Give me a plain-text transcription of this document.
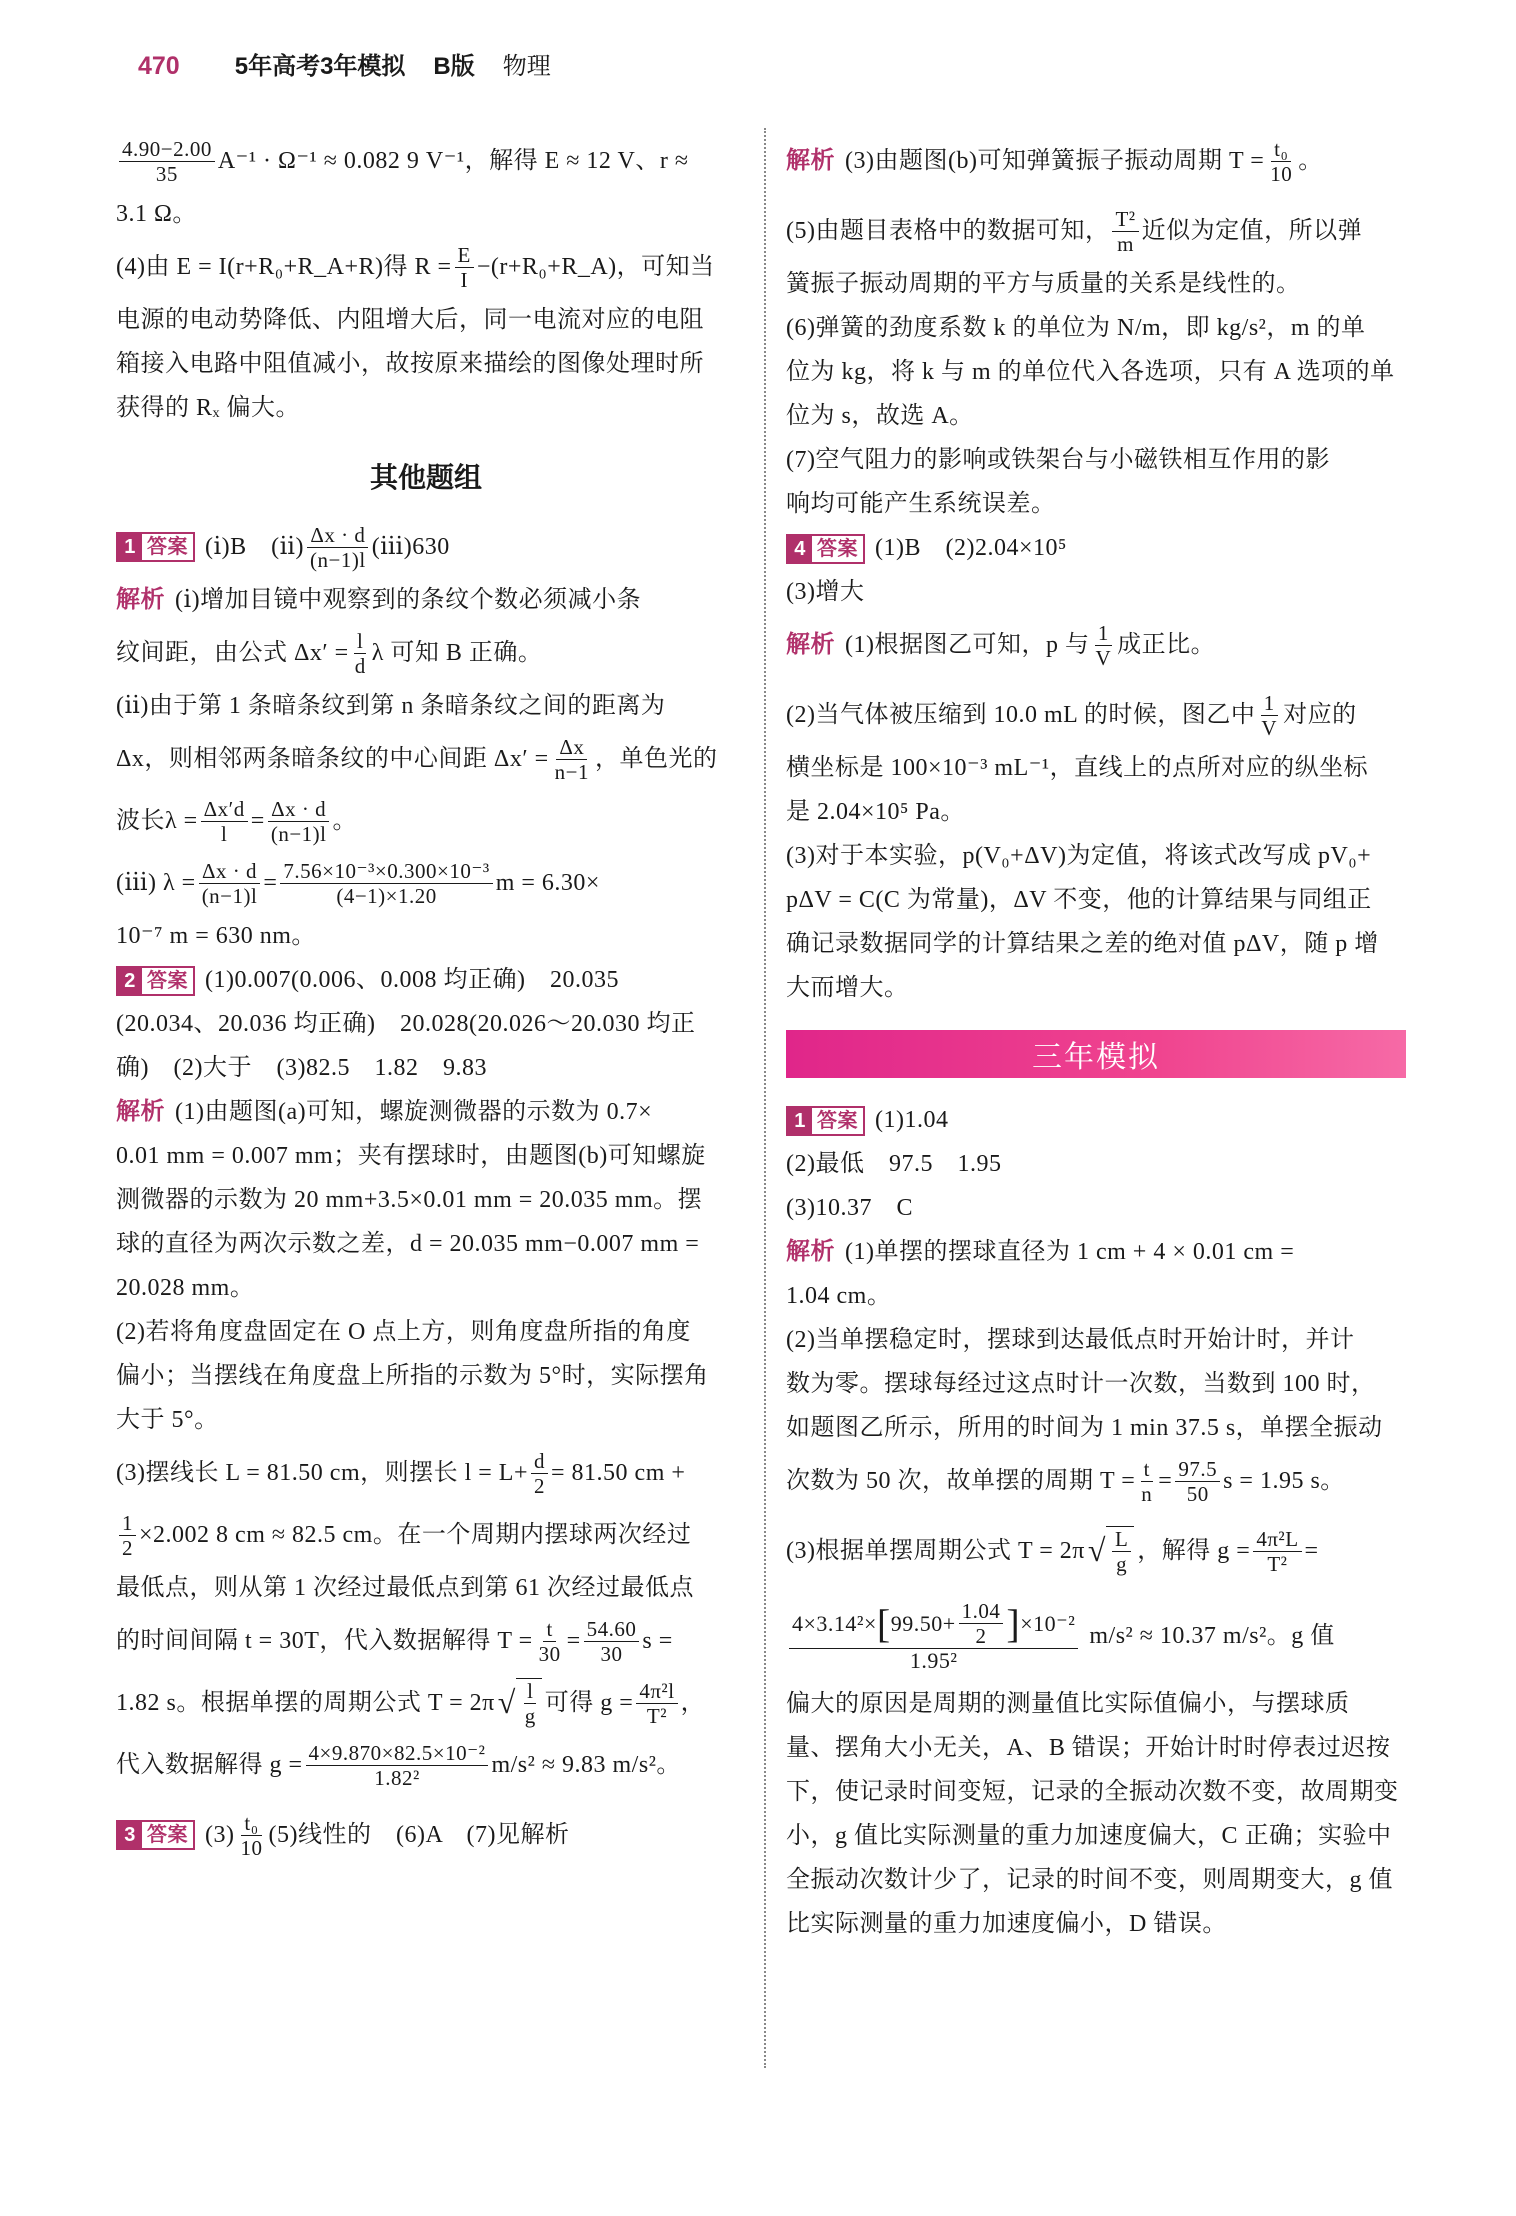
470 5年高考3年模拟 B版 物理

$\frac{4.90-2.00}{35} A^{-1} \cdot \Omega^{-1} \approx 0.082$ 9 V⁻¹，解得 E ≈ 12 V、r ≈

3.1 Ω。

(4)由 E = I(r+R₀+R_A+R)得 $R = \frac{E}{I}$ −(r+R₀+R_A)，可知当

电源的电动势降低、内阻增大后，同一电流对应的电阻

箱接入电路中阻值减小，故按原来描绘的图像处理时所

获得的 Rₓ 偏大。

其他题组

1 答案 (ⅰ)B　(ⅱ) $\frac{\Delta x \cdot d}{(n-1)l}$ (ⅲ)630

解析 (ⅰ)增加目镜中观察到的条纹个数必须减小条

纹间距，由公式 $\Delta x' = \frac{l}{d}$ λ 可知 B 正确。

(ⅱ)由于第 1 条暗条纹到第 n 条暗条纹之间的距离为

Δx，则相邻两条暗条纹的中心间距 $\Delta x' = \frac{\Delta x}{n-1}$ ，单色光的

波长$\lambda = \frac{\Delta x'd}{l} = \frac{\Delta x \cdot d}{(n-1)l}$ 。

(ⅲ) $\lambda = \frac{\Delta x \cdot d}{(n-1)l} = \frac{\text{7.56×10⁻³×0.300×10⁻³}}{(4-1)\times 1.20}$ m = 6.30×

10⁻⁷ m = 630 nm。

2 答案 (1)0.007(0.006、0.008 均正确)　20.035

(20.034、20.036 均正确)　20.028(20.026～20.030 均正

确)　(2)大于　(3)82.5　1.82　9.83

解析 (1)由题图(a)可知，螺旋测微器的示数为 0.7×

0.01 mm = 0.007 mm；夹有摆球时，由题图(b)可知螺旋

测微器的示数为 20 mm+3.5×0.01 mm = 20.035 mm。摆

球的直径为两次示数之差，d = 20.035 mm−0.007 mm =

20.028 mm。

(2)若将角度盘固定在 O 点上方，则角度盘所指的角度

偏小；当摆线在角度盘上所指的示数为 5°时，实际摆角

大于 5°。

(3)摆线长 L = 81.50 cm，则摆长 $l = L+ \frac{d}{2} = 81.50$ cm +

$\frac{1}{2} \times 2.002$ 8 cm ≈ 82.5 cm。在一个周期内摆球两次经过

最低点，则从第 1 次经过最低点到第 61 次经过最低点

的时间间隔 t = 30T，代入数据解得 $T = \frac{t}{30} = \frac{54.60}{30}$ s =

1.82 s。根据单摆的周期公式 T = 2π √ $\frac{l}{g}$ 可得 $g = \frac{\text{4π²l}}{\text{T²}}$ ，

代入数据解得 $g = \frac{\text{4×9.870×82.5×10⁻²}}{\text{1.82²}} m/s^2 \approx 9.83$ m/s²。

3 答案 $(3) \frac{\text{t₀}}{10} (5)$线性的　(6)A　(7)见解析

解析 (3)由题图(b)可知弹簧振子振动周期 $T = \frac{\text{t₀}}{10}$ 。

(5)由题目表格中的数据可知， $\frac{\text{T²}}{m}$ 近似为定值，所以弹

簧振子振动周期的平方与质量的关系是线性的。

(6)弹簧的劲度系数 k 的单位为 N/m，即 kg/s²，m 的单

位为 kg，将 k 与 m 的单位代入各选项，只有 A 选项的单

位为 s，故选 A。

(7)空气阻力的影响或铁架台与小磁铁相互作用的影

响均可能产生系统误差。

4 答案 (1)B　(2)2.04×10⁵

(3)增大

解析 (1)根据图乙可知，p 与 $\frac{1}{V}$ 成正比。

(2)当气体被压缩到 10.0 mL 的时候，图乙中 $\frac{1}{V}$ 对应的

横坐标是 100×10⁻³ mL⁻¹，直线上的点所对应的纵坐标

是 2.04×10⁵ Pa。

(3)对于本实验，p(V₀+ΔV)为定值，将该式改写成 pV₀+

pΔV = C(C 为常量)，ΔV 不变，他的计算结果与同组正

确记录数据同学的计算结果之差的绝对值 pΔV，随 p 增

大而增大。

三年模拟

1 答案 (1)1.04

(2)最低　97.5　1.95

(3)10.37　C

解析 (1)单摆的摆球直径为 1 cm + 4 × 0.01 cm =

1.04 cm。

(2)当单摆稳定时，摆球到达最低点时开始计时，并计

数为零。摆球每经过这点时计一次数，当数到 100 时，

如题图乙所示，所用的时间为 1 min 37.5 s，单摆全振动

次数为 50 次，故单摆的周期 $T = \frac{t}{n} = \frac{97.5}{50}$ s = 1.95 s。

(3)根据单摆周期公式 T = 2π √ $\frac{L}{g}$ ，解得 $g = \frac{\text{4π²L}}{\text{T²}}$ =

4×3.14²× [ $99.50+ \frac{1.04}{2}$ ] ×10⁻²
1.95²
m/s² ≈ 10.37 m/s²。g 值

偏大的原因是周期的测量值比实际值偏小，与摆球质

量、摆角大小无关，A、B 错误；开始计时时停表过迟按

下，使记录时间变短，记录的全振动次数不变，故周期变

小，g 值比实际测量的重力加速度偏大，C 正确；实验中

全振动次数计少了，记录的时间不变，则周期变大，g 值

比实际测量的重力加速度偏小，D 错误。
